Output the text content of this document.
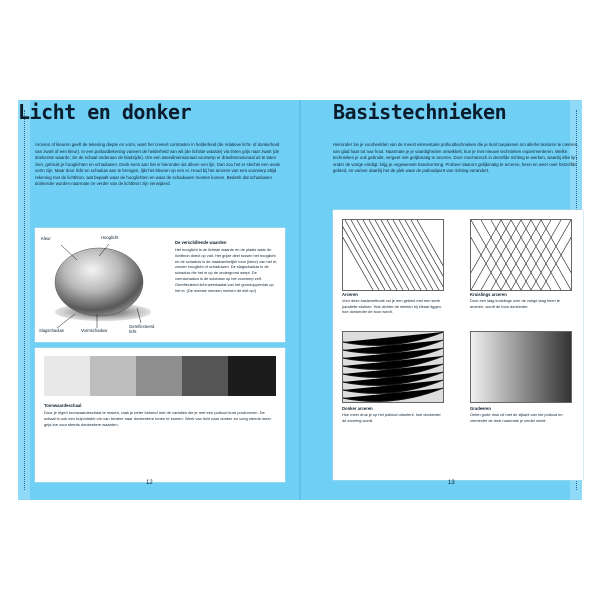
Licht en donker
Arceren of kleuren geeft de tekening diepte en vorm, want het creëert contrasten in helderheid (de relatieve licht- of donkerheid van zwart of een kleur). In een potloodtekening varieert de helderheid van wit (de lichtste waarde) via tinten grijs naar zwart (de donkerste waarde; zie de schaal onderaan de bladzijde). Om een tweedimensionaal voorwerp er driedimensionaal uit te laten zien, gebruik je hooglichten en schaduwen. Denk eens aan het ei hieronder als alleen een lijn. Dan zou het er slechts een ovale vorm zijn. Maar door licht en schaduw aan te brengen, lijkt het kleuren op een ei. Houd bij het arceren van een voorwerp altijd rekening met de lichtbron, wat bepaalt waar de hooglichten en waar de schaduwen moeten komen. Bedenk dat schaduwen donkerder worden naarmate ze verder van de lichtbron zijn verwijderd.
Kleur	Hooglicht
Slagschaduw	Vormschaduw
Gereflecteerd licht
De verschillende waarden
Het hooglicht is de lichtste waarde en de plaats waar de lichtbron direct op valt. Het grijze deel tussen het hooglicht en de schaduw is de daadwerkelijke toon (kleur) van het ei, zonder hooglicht of schaduwen. De slagschaduw is de schaduw die het ei op de ondergrond werpt. De vormschaduw is de schaduw op het voorwerp zelf. Gereflecteerd licht weerkaatst van het grondoppervlak op het ei. (De meeste mensen merken dit niet op!)
Toonwaardeschaal
Door je eigen toonwaardeschaal te maken, raak je beter bekend met de variaties die je met een potlood kunt produceren. De schaal is ook een hulpmiddel om van lichtere naar donkerdere tonen te komen. Werk van licht naar donker en voeg steeds meer grijs toe voor steeds donkerdere waarden.
12
Basistechnieken
Hieronder zie je voorbeelden van de meest elementaire potloodtechnieken die je kunt toepassen om allerlei texturen te creëren, van glad haar tot ruw hout. Naarmate je je vaardigheden ontwikkelt, kun je met nieuwe technieken experimenteren. Welke technieken je ook gebruikt, vergeet niet gelijkmatig te arceren. Door mechanisch in dezelfde richting te werken, waarbij elke lijn onder de vorige eindigt, krijg je ongewenste bandvorming. Probeer daarom gelijkmatig te arceren, heen en weer over hetzelfde gebied, en varieer daarbij het de plek waar de potloodpunt van richting verandert.
Arceren
Voor deze basismethode vul je een gebied met een serie parallelle streken. Hoe dichter de streken bij elkaar liggen, hoe donkerder de toon wordt.
Kruislings arceren
Door een laag kruislings over de vorige laag heen te arceren, wordt de toon donkerder.
Donker arceren
Hoe meer druk je op het potlood uitoefent, hoe donkerder de arcering wordt.
Gradeeren
Oefen grote druk uit met de zijkant van het potlood en verminder de druk naarmate je verder werkt.
13
